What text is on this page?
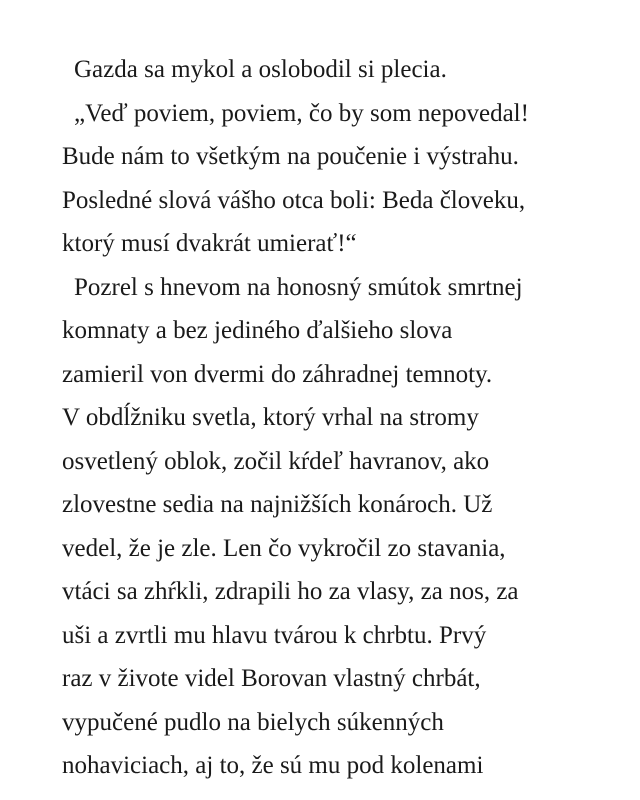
Gazda sa mykol a oslobodil si plecia.
„Veď poviem, poviem, čo by som nepovedal!
Bude nám to všetkým na poučenie i výstrahu.
Posledné slová vášho otca boli: Beda človeku,
ktorý musí dvakrát umierať!“
Pozrel s hnevom na honosný smútok smrtnej
komnaty a bez jediného ďalšieho slova
zamieril von dvermi do záhradnej temnoty.
V obdĺžniku svetla, ktorý vrhal na stromy
osvetlený oblok, zočil kŕdeľ havranov, ako
zlovestne sedia na najnižších konároch. Už
vedel, že je zle. Len čo vykročil zo stavania,
vtáci sa zhŕkli, zdrapili ho za vlasy, za nos, za
uši a zvrtli mu hlavu tvárou k chrbtu. Prvý
raz v živote videl Borovan vlastný chrbát,
vypučené pudlo na bielych súkenných
nohaviciach, aj to, že sú mu pod kolenami
